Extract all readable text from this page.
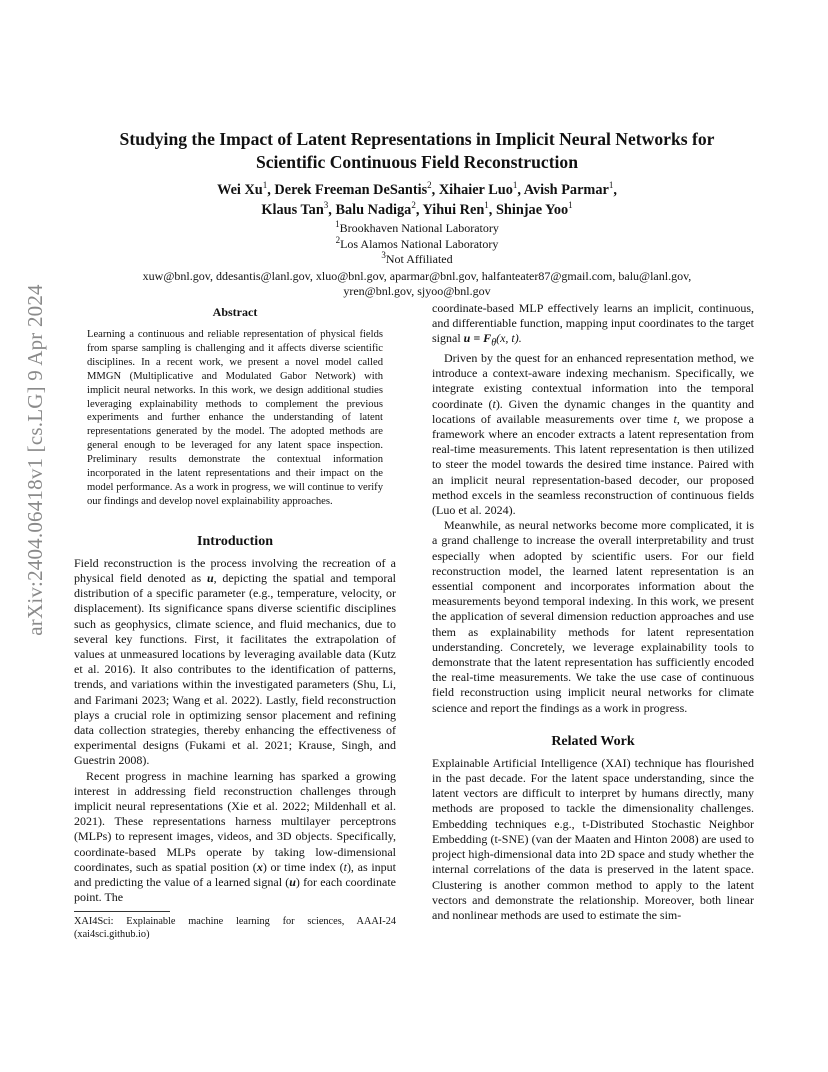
arXiv:2404.06418v1 [cs.LG] 9 Apr 2024
Studying the Impact of Latent Representations in Implicit Neural Networks for
Scientific Continuous Field Reconstruction
Wei Xu$^1$, Derek Freeman DeSantis$^2$, Xihaier Luo$^1$, Avish Parmar$^1$,
Klaus Tan$^3$, Balu Nadiga$^2$, Yihui Ren$^1$, Shinjae Yoo$^1$
$^1$Brookhaven National Laboratory
$^2$Los Alamos National Laboratory
$^3$Not Affiliated
xuw@bnl.gov, ddesantis@lanl.gov, xluo@bnl.gov, aparmar@bnl.gov, halfanteater87@gmail.com, balu@lanl.gov,
yren@bnl.gov, sjyoo@bnl.gov
Abstract

Learning a continuous and reliable representation of physical fields from sparse sampling is challenging and it affects diverse scientific disciplines. In a recent work, we present a novel model called MMGN (Multiplicative and Modulated Gabor Network) with implicit neural networks. In this work, we design additional studies leveraging explainability methods to complement the previous experiments and further enhance the understanding of latent representations generated by the model. The adopted methods are general enough to be leveraged for any latent space inspection. Preliminary results demonstrate the contextual information incorporated in the latent representations and their impact on the model performance. As a work in progress, we will continue to verify our findings and develop novel explainability approaches.

Introduction

Field reconstruction is the process involving the recreation of a physical field denoted as u, depicting the spatial and temporal distribution of a specific parameter (e.g., temperature, velocity, or displacement). Its significance spans diverse scientific disciplines such as geophysics, climate science, and fluid mechanics, due to several key functions. First, it facilitates the extrapolation of values at unmeasured locations by leveraging available data (Kutz et al. 2016). It also contributes to the identification of patterns, trends, and variations within the investigated parameters (Shu, Li, and Farimani 2023; Wang et al. 2022). Lastly, field reconstruction plays a crucial role in optimizing sensor placement and refining data collection strategies, thereby enhancing the effectiveness of experimental designs (Fukami et al. 2021; Krause, Singh, and Guestrin 2008).

Recent progress in machine learning has sparked a growing interest in addressing field reconstruction challenges through implicit neural representations (Xie et al. 2022; Mildenhall et al. 2021). These representations harness multilayer perceptrons (MLPs) to represent images, videos, and 3D objects. Specifically, coordinate-based MLPs operate by taking low-dimensional coordinates, such as spatial position (x) or time index (t), as input and predicting the value of a learned signal (u) for each coordinate point. The

XAI4Sci: Explainable machine learning for sciences, AAAI-24 (xai4sci.github.io)

coordinate-based MLP effectively learns an implicit, continuous, and differentiable function, mapping input coordinates to the target signal $u = F_\theta(x$, t).

Driven by the quest for an enhanced representation method, we introduce a context-aware indexing mechanism. Specifically, we integrate existing contextual information into the temporal coordinate (t). Given the dynamic changes in the quantity and locations of available measurements over time t, we propose a framework where an encoder extracts a latent representation from real-time measurements. This latent representation is then utilized to steer the model towards the desired time instance. Paired with an implicit neural representation-based decoder, our proposed method excels in the seamless reconstruction of continuous fields (Luo et al. 2024).

Meanwhile, as neural networks become more complicated, it is a grand challenge to increase the overall interpretability and trust especially when adopted by scientific users. For our field reconstruction model, the learned latent representation is an essential component and incorporates information about the measurements beyond temporal indexing. In this work, we present the application of several dimension reduction approaches and use them as explainability methods for latent representation understanding. Concretely, we leverage explainability tools to demonstrate that the latent representation has sufficiently encoded the real-time measurements. We take the use case of continuous field reconstruction using implicit neural networks for climate science and report the findings as a work in progress.

Related Work

Explainable Artificial Intelligence (XAI) technique has flourished in the past decade. For the latent space understanding, since the latent vectors are difficult to interpret by humans directly, many methods are proposed to tackle the dimensionality challenges. Embedding techniques e.g., t-Distributed Stochastic Neighbor Embedding (t-SNE) (van der Maaten and Hinton 2008) are used to project high-dimensional data into 2D space and study whether the internal correlations of the data is preserved in the latent space. Clustering is another common method to apply to the latent vectors and demonstrate the relationship. Moreover, both linear and nonlinear methods are used to estimate the sim-
